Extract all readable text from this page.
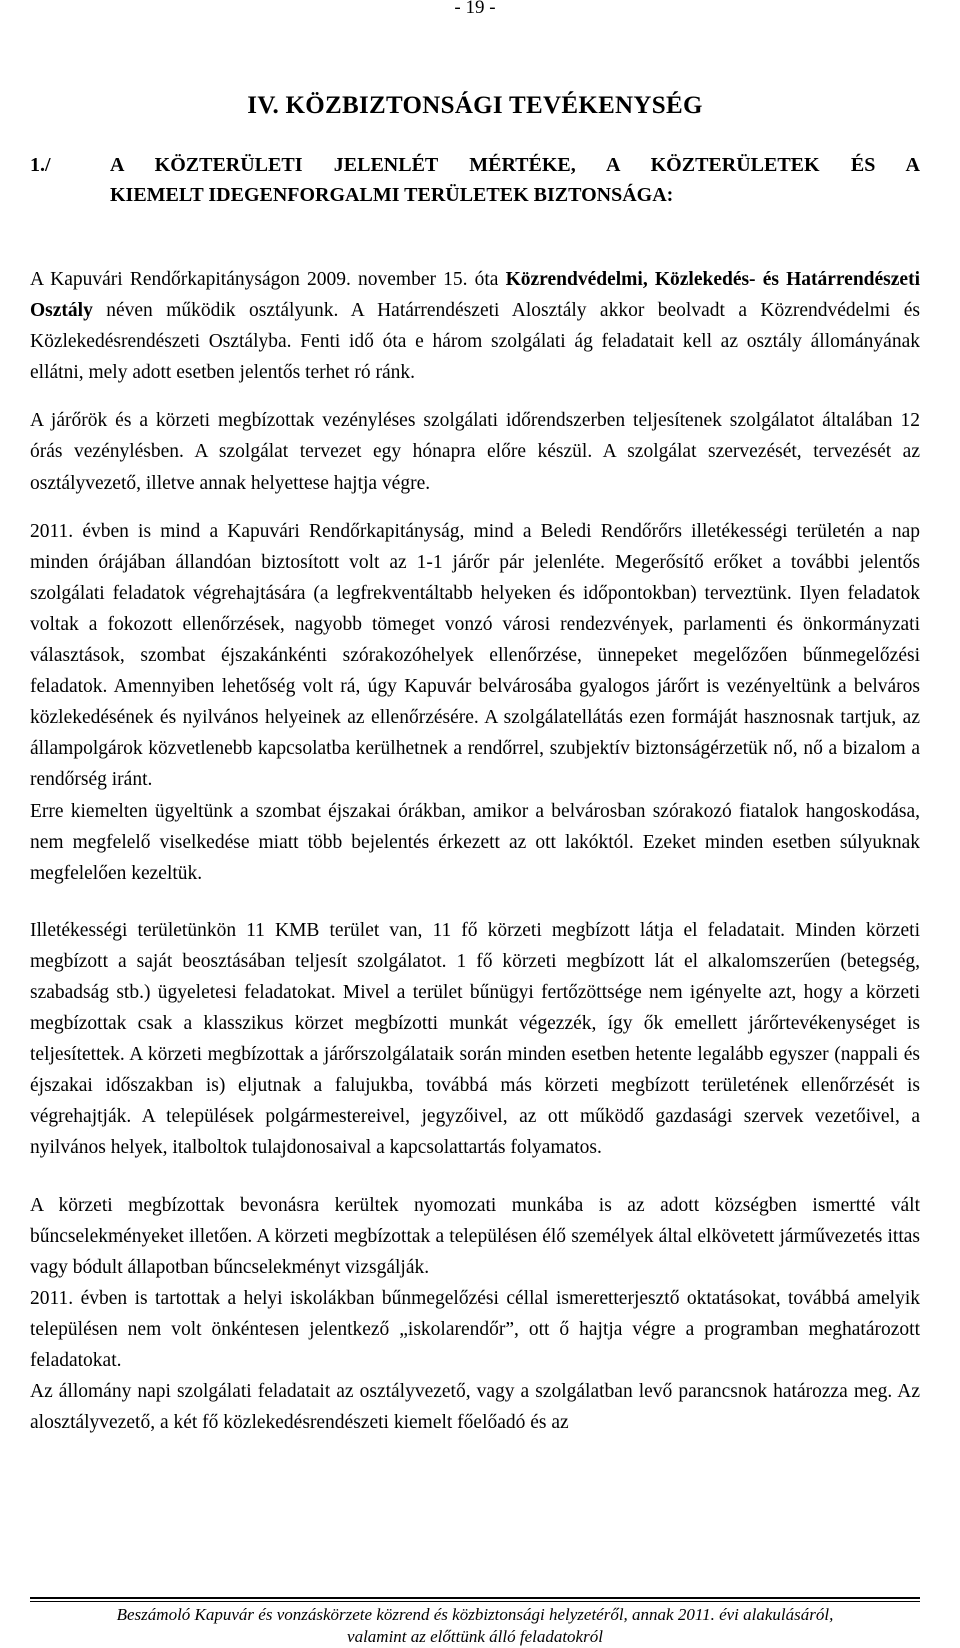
- 19 -
IV. KÖZBIZTONSÁGI TEVÉKENYSÉG
1./	A KÖZTERÜLETI JELENLÉT MÉRTÉKE, A KÖZTERÜLETEK ÉS A
KIEMELT IDEGENFORGALMI TERÜLETEK BIZTONSÁGA:

A Kapuvári Rendőrkapitányságon 2009. november 15. óta Közrendvédelmi, Közlekedés- és Határrendészeti Osztály néven működik osztályunk. A Határrendészeti Alosztály akkor beolvadt a Közrendvédelmi és Közlekedésrendészeti Osztályba. Fenti idő óta e három szolgálati ág feladatait kell az osztály állományának ellátni, mely adott esetben jelentős terhet ró ránk.

A járőrök és a körzeti megbízottak vezényléses szolgálati időrendszerben teljesítenek szolgálatot általában 12 órás vezénylésben. A szolgálat tervezet egy hónapra előre készül. A szolgálat szervezését, tervezését az osztályvezető, illetve annak helyettese hajtja végre.

2011. évben is mind a Kapuvári Rendőrkapitányság, mind a Beledi Rendőrőrs illetékességi területén a nap minden órájában állandóan biztosított volt az 1-1 járőr pár jelenléte. Megerősítő erőket a további jelentős szolgálati feladatok végrehajtására (a legfrekventáltabb helyeken és időpontokban) terveztünk. Ilyen feladatok voltak a fokozott ellenőrzések, nagyobb tömeget vonzó városi rendezvények, parlamenti és önkormányzati választások, szombat éjszakánkénti szórakozóhelyek ellenőrzése, ünnepeket megelőzően bűnmegelőzési feladatok. Amennyiben lehetőség volt rá, úgy Kapuvár belvárosába gyalogos járőrt is vezényeltünk a belváros közlekedésének és nyilvános helyeinek az ellenőrzésére. A szolgálatellátás ezen formáját hasznosnak tartjuk, az állampolgárok közvetlenebb kapcsolatba kerülhetnek a rendőrrel, szubjektív biztonságérzetük nő, nő a bizalom a rendőrség iránt.

Erre kiemelten ügyeltünk a szombat éjszakai órákban, amikor a belvárosban szórakozó fiatalok hangoskodása, nem megfelelő viselkedése miatt több bejelentés érkezett az ott lakóktól. Ezeket minden esetben súlyuknak megfelelően kezeltük.

Illetékességi területünkön 11 KMB terület van, 11 fő körzeti megbízott látja el feladatait. Minden körzeti megbízott a saját beosztásában teljesít szolgálatot. 1 fő körzeti megbízott lát el alkalomszerűen (betegség, szabadság stb.) ügyeletesi feladatokat. Mivel a terület bűnügyi fertőzöttsége nem igényelte azt, hogy a körzeti megbízottak csak a klasszikus körzet megbízotti munkát végezzék, így ők emellett járőrtevékenységet is teljesítettek. A körzeti megbízottak a járőrszolgálataik során minden esetben hetente legalább egyszer (nappali és éjszakai időszakban is) eljutnak a falujukba, továbbá más körzeti megbízott területének ellenőrzését is végrehajtják. A települések polgármestereivel, jegyzőivel, az ott működő gazdasági szervek vezetőivel, a nyilvános helyek, italboltok tulajdonosaival a kapcsolattartás folyamatos.

A körzeti megbízottak bevonásra kerültek nyomozati munkába is az adott községben ismertté vált bűncselekményeket illetően. A körzeti megbízottak a településen élő személyek által elkövetett járművezetés ittas vagy bódult állapotban bűncselekményt vizsgálják.

2011. évben is tartottak a helyi iskolákban bűnmegelőzési céllal ismeretterjesztő oktatásokat, továbbá amelyik településen nem volt önkéntesen jelentkező „iskolarendőr”, ott ő hajtja végre a programban meghatározott feladatokat.

Az állomány napi szolgálati feladatait az osztályvezető, vagy a szolgálatban levő parancsnok határozza meg. Az alosztályvezető, a két fő közlekedésrendészeti kiemelt főelőadó és az

Beszámoló Kapuvár és vonzáskörzete közrend és közbiztonsági helyzetéről, annak 2011. évi alakulásáról,
valamint az előttünk álló feladatokról
